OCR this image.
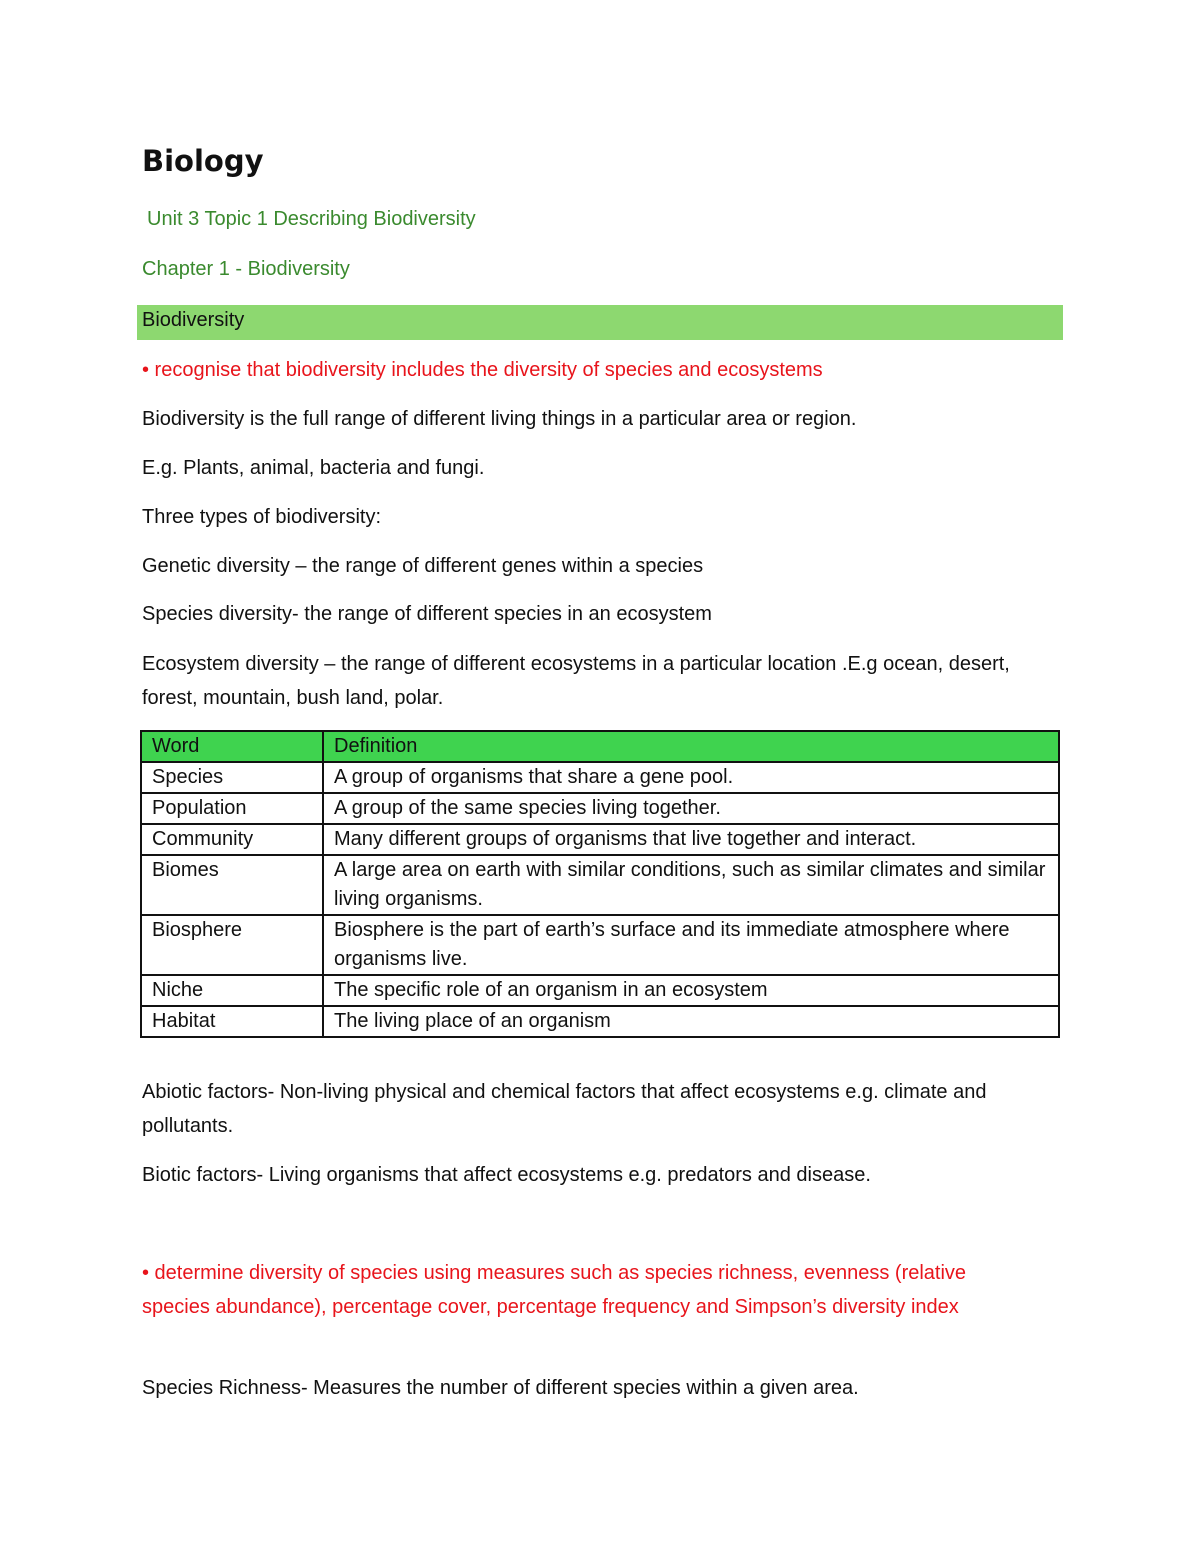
Biology
Unit 3 Topic 1 Describing Biodiversity
Chapter 1 - Biodiversity
Biodiversity

• recognise that biodiversity includes the diversity of species and ecosystems

Biodiversity is the full range of different living things in a particular area or region.

E.g. Plants, animal, bacteria and fungi.

Three types of biodiversity:

Genetic diversity – the range of different genes within a species

Species diversity- the range of different species in an ecosystem

Ecosystem diversity – the range of different ecosystems in a particular location .E.g ocean, desert, forest, mountain, bush land, polar.

Word	Definition
Species	A group of organisms that share a gene pool.
Population	A group of the same species living together.
Community	Many different groups of organisms that live together and interact.
Biomes	A large area on earth with similar conditions, such as similar climates and similar living organisms.
Biosphere	Biosphere is the part of earth’s surface and its immediate atmosphere where organisms live.
Niche	The specific role of an organism in an ecosystem
Habitat	The living place of an organism

Abiotic factors- Non-living physical and chemical factors that affect ecosystems e.g. climate and pollutants.

Biotic factors- Living organisms that affect ecosystems e.g. predators and disease.

• determine diversity of species using measures such as species richness, evenness (relative species abundance), percentage cover, percentage frequency and Simpson’s diversity index

Species Richness- Measures the number of different species within a given area.
